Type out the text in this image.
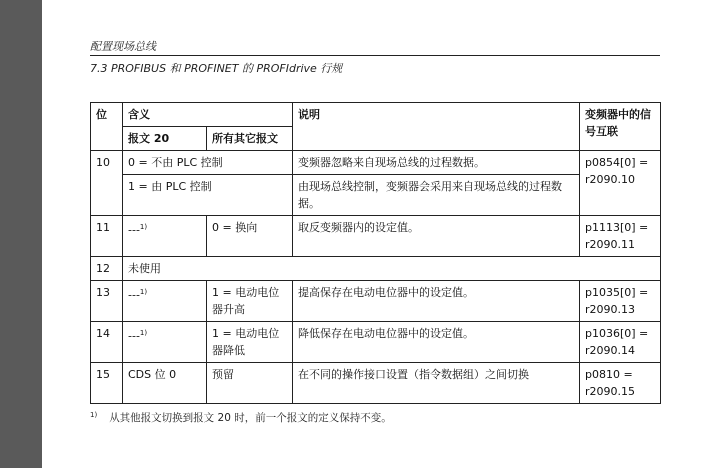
配置现场总线
7.3 PROFIBUS 和 PROFINET 的 PROFIdrive 行规
位	含义		说明	变频器中的信号互联
	报文 20	所有其它报文		
10	0 = 不由 PLC 控制		变频器忽略来自现场总线的过程数据。	p0854[0] = r2090.10
	1 = 由 PLC 控制		由现场总线控制，变频器会采用来自现场总线的过程数据。	
11	---$^{1)}$	0 = 换向	取反变频器内的设定值。	p1113[0] = r2090.11
12	未使用			
13	---$^{1)}$	1 = 电动电位器升高	提高保存在电动电位器中的设定值。	p1035[0] = r2090.13
14	---$^{1)}$	1 = 电动电位器降低	降低保存在电动电位器中的设定值。	p1036[0] = r2090.14
15	CDS 位 0	预留	在不同的操作接口设置（指令数据组）之间切换	p0810 = r2090.15
$^{1)}$ 从其他报文切换到报文 20 时，前一个报文的定义保持不变。
